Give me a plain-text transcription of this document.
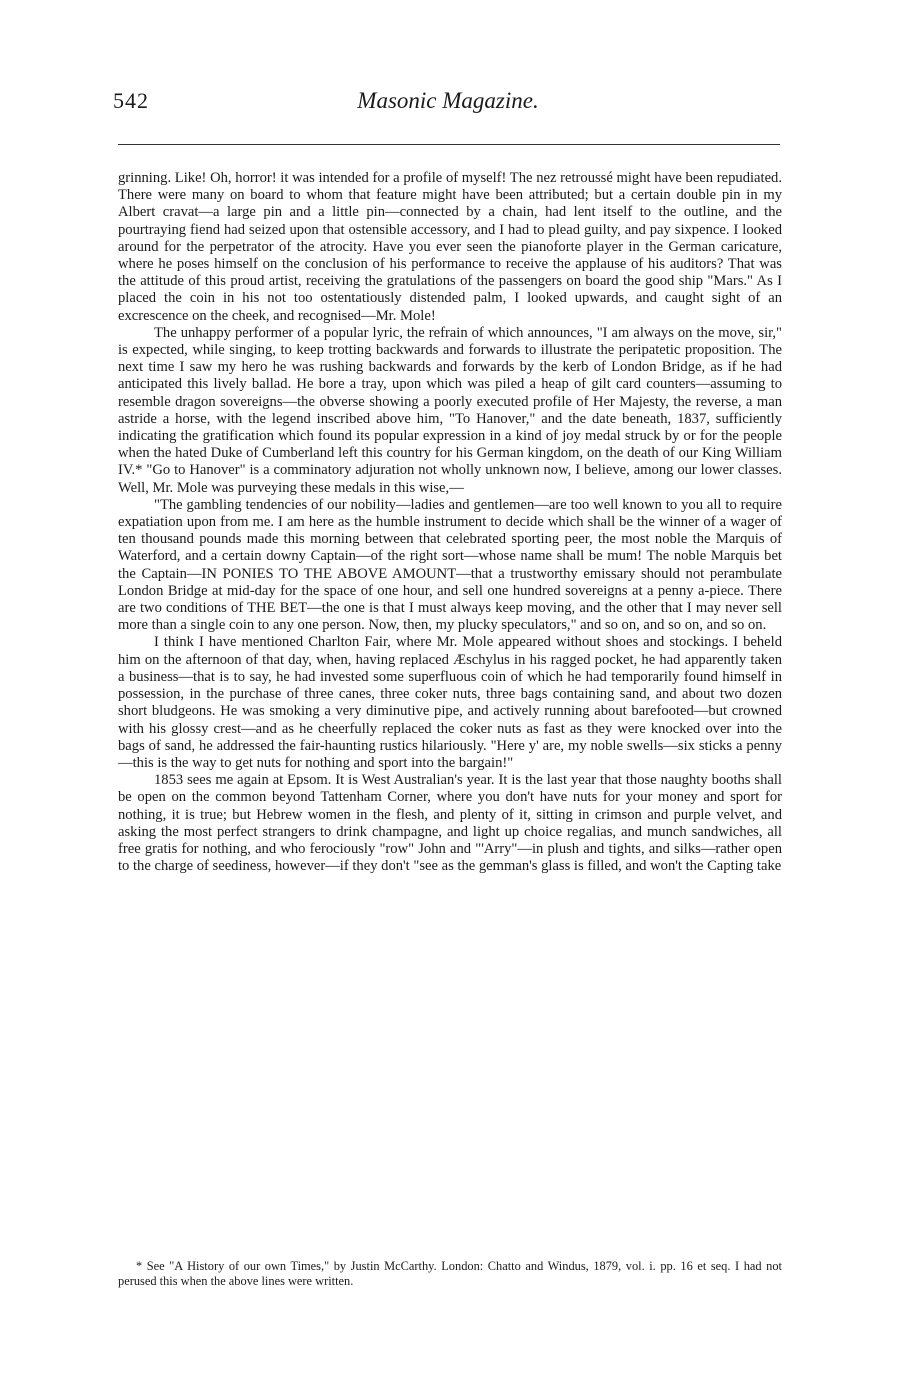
542	Masonic Magazine.

grinning. Like! Oh, horror! it was intended for a profile of myself! The nez retroussé might have been repudiated. There were many on board to whom that feature might have been attributed; but a certain double pin in my Albert cravat—a large pin and a little pin—connected by a chain, had lent itself to the outline, and the pourtraying fiend had seized upon that ostensible accessory, and I had to plead guilty, and pay sixpence. I looked around for the perpetrator of the atrocity. Have you ever seen the pianoforte player in the German caricature, where he poses himself on the conclusion of his performance to receive the applause of his auditors? That was the attitude of this proud artist, receiving the gratulations of the passengers on board the good ship "Mars." As I placed the coin in his not too ostentatiously distended palm, I looked upwards, and caught sight of an excrescence on the cheek, and recognised—Mr. Mole!

The unhappy performer of a popular lyric, the refrain of which announces, "I am always on the move, sir," is expected, while singing, to keep trotting backwards and forwards to illustrate the peripatetic proposition. The next time I saw my hero he was rushing backwards and forwards by the kerb of London Bridge, as if he had anticipated this lively ballad. He bore a tray, upon which was piled a heap of gilt card counters—assuming to resemble dragon sovereigns—the obverse showing a poorly executed profile of Her Majesty, the reverse, a man astride a horse, with the legend inscribed above him, "To Hanover," and the date beneath, 1837, sufficiently indicating the gratification which found its popular expression in a kind of joy medal struck by or for the people when the hated Duke of Cumberland left this country for his German kingdom, on the death of our King William IV.* "Go to Hanover" is a comminatory adjuration not wholly unknown now, I believe, among our lower classes. Well, Mr. Mole was purveying these medals in this wise,—

"The gambling tendencies of our nobility—ladies and gentlemen—are too well known to you all to require expatiation upon from me. I am here as the humble instrument to decide which shall be the winner of a wager of ten thousand pounds made this morning between that celebrated sporting peer, the most noble the Marquis of Waterford, and a certain downy Captain—of the right sort—whose name shall be mum! The noble Marquis bet the Captain—IN PONIES TO THE ABOVE AMOUNT—that a trustworthy emissary should not perambulate London Bridge at mid-day for the space of one hour, and sell one hundred sovereigns at a penny a-piece. There are two conditions of THE BET—the one is that I must always keep moving, and the other that I may never sell more than a single coin to any one person. Now, then, my plucky speculators," and so on, and so on, and so on.

I think I have mentioned Charlton Fair, where Mr. Mole appeared without shoes and stockings. I beheld him on the afternoon of that day, when, having replaced Æschylus in his ragged pocket, he had apparently taken a business—that is to say, he had invested some superfluous coin of which he had temporarily found himself in possession, in the purchase of three canes, three coker nuts, three bags containing sand, and about two dozen short bludgeons. He was smoking a very diminutive pipe, and actively running about barefooted—but crowned with his glossy crest—and as he cheerfully replaced the coker nuts as fast as they were knocked over into the bags of sand, he addressed the fair-haunting rustics hilariously. "Here y' are, my noble swells—six sticks a penny—this is the way to get nuts for nothing and sport into the bargain!"

1853 sees me again at Epsom. It is West Australian's year. It is the last year that those naughty booths shall be open on the common beyond Tattenham Corner, where you don't have nuts for your money and sport for nothing, it is true; but Hebrew women in the flesh, and plenty of it, sitting in crimson and purple velvet, and asking the most perfect strangers to drink champagne, and light up choice regalias, and munch sandwiches, all free gratis for nothing, and who ferociously "row" John and "'Arry"—in plush and tights, and silks—rather open to the charge of seediness, however—if they don't "see as the gemman's glass is filled, and won't the Capting take

* See "A History of our own Times," by Justin McCarthy. London: Chatto and Windus, 1879, vol. i. pp. 16 et seq. I had not perused this when the above lines were written.
